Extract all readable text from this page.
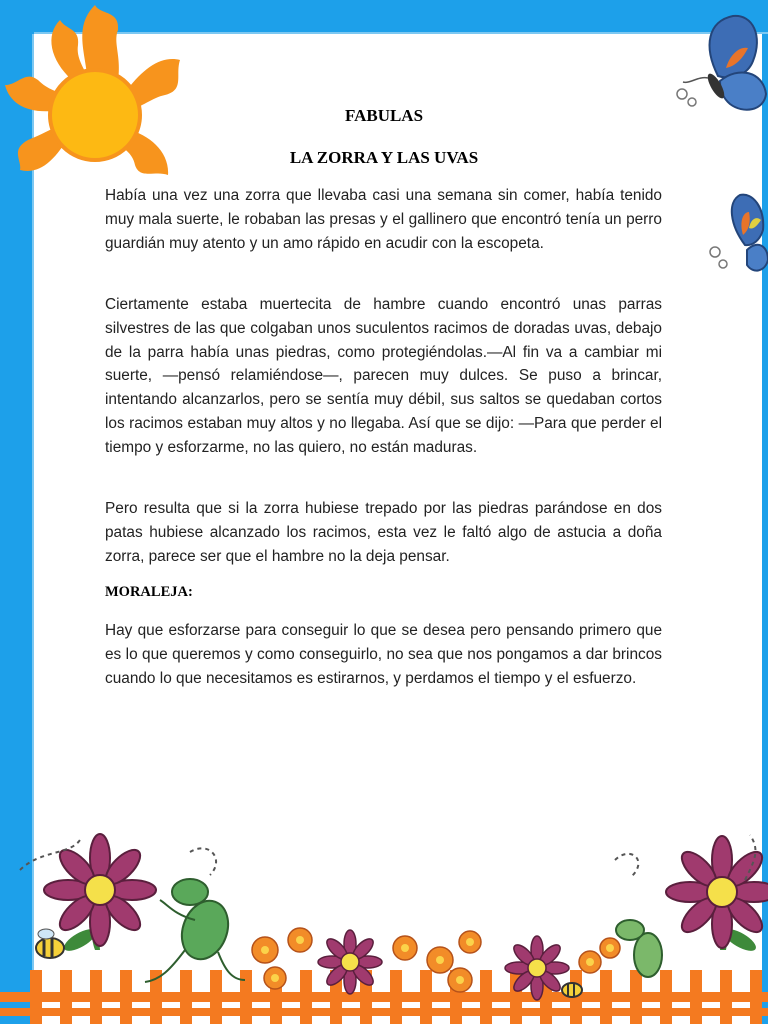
FABULAS
LA ZORRA Y LAS UVAS

Había una vez una zorra que llevaba casi una semana sin comer, había tenido muy mala suerte, le robaban las presas y el gallinero que encontró tenía un perro guardián muy atento y un amo rápido en acudir con la escopeta.

Ciertamente estaba muertecita de hambre cuando encontró unas parras silvestres de las que colgaban unos suculentos racimos de doradas uvas, debajo de la parra había unas piedras, como protegiéndolas.—Al fin va a cambiar mi suerte, —pensó relamiéndose—, parecen muy dulces. Se puso a brincar, intentando alcanzarlos, pero se sentía muy débil, sus saltos se quedaban cortos los racimos estaban muy altos y no llegaba. Así que se dijo: —Para que perder el tiempo y esforzarme, no las quiero, no están maduras.

Pero resulta que si la zorra hubiese trepado por las piedras parándose en dos patas hubiese alcanzado los racimos, esta vez le faltó algo de astucia a doña zorra, parece ser que el hambre no la deja pensar.

MORALEJA:

Hay que esforzarse para conseguir lo que se desea pero pensando primero que es lo que queremos y como conseguirlo, no sea que nos pongamos a dar brincos cuando lo que necesitamos es estirarnos, y perdamos el tiempo y el esfuerzo.
